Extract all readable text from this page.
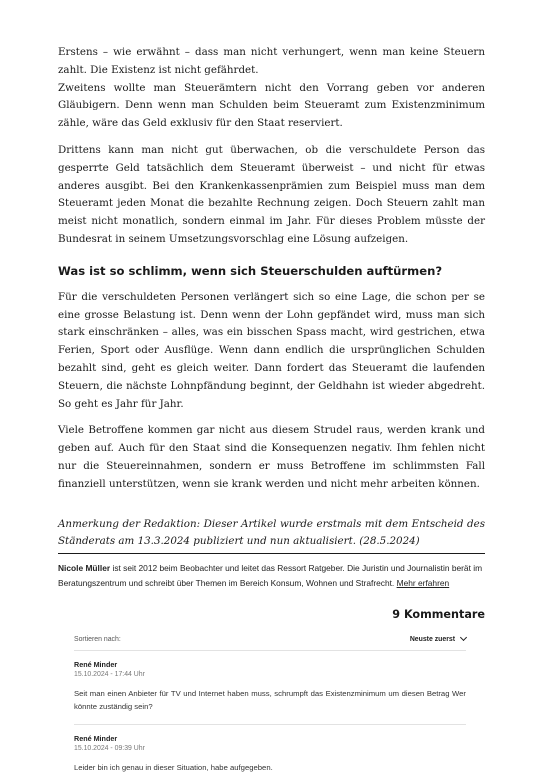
Erstens – wie erwähnt – dass man nicht verhungert, wenn man keine Steuern zahlt. Die Existenz ist nicht gefährdet.

Zweitens wollte man Steuerämtern nicht den Vorrang geben vor anderen Gläubigern. Denn wenn man Schulden beim Steueramt zum Existenzminimum zähle, wäre das Geld exklusiv für den Staat reserviert.

Drittens kann man nicht gut überwachen, ob die verschuldete Person das gesperrte Geld tatsächlich dem Steueramt überweist – und nicht für etwas anderes ausgibt. Bei den Krankenkassenprämien zum Beispiel muss man dem Steueramt jeden Monat die bezahlte Rechnung zeigen. Doch Steuern zahlt man meist nicht monatlich, sondern einmal im Jahr. Für dieses Problem müsste der Bundesrat in seinem Umsetzungsvorschlag eine Lösung aufzeigen.

Was ist so schlimm, wenn sich Steuerschulden auftürmen?

Für die verschuldeten Personen verlängert sich so eine Lage, die schon per se eine grosse Belastung ist. Denn wenn der Lohn gepfändet wird, muss man sich stark einschränken – alles, was ein bisschen Spass macht, wird gestrichen, etwa Ferien, Sport oder Ausflüge. Wenn dann endlich die ursprünglichen Schulden bezahlt sind, geht es gleich weiter. Dann fordert das Steueramt die laufenden Steuern, die nächste Lohnpfändung beginnt, der Geldhahn ist wieder abgedreht. So geht es Jahr für Jahr.

Viele Betroffene kommen gar nicht aus diesem Strudel raus, werden krank und geben auf. Auch für den Staat sind die Konsequenzen negativ. Ihm fehlen nicht nur die Steuereinnahmen, sondern er muss Betroffene im schlimmsten Fall finanziell unterstützen, wenn sie krank werden und nicht mehr arbeiten können.

Anmerkung der Redaktion: Dieser Artikel wurde erstmals mit dem Entscheid des Ständerats am 13.3.2024 publiziert und nun aktualisiert. (28.5.2024)

Nicole Müller ist seit 2012 beim Beobachter und leitet das Ressort Ratgeber. Die Juristin und Journalistin berät im Beratungszentrum und schreibt über Themen im Bereich Konsum, Wohnen und Strafrecht. Mehr erfahren

9 Kommentare
Sortieren nach:	Neuste zuerst
René Minder
15.10.2024 - 17:44 Uhr
Seit man einen Anbieter für TV und Internet haben muss, schrumpft das Existenzminimum um diesen Betrag Wer könnte zuständig sein?
René Minder
15.10.2024 - 09:39 Uhr
Leider bin ich genau in dieser Situation, habe aufgegeben.
